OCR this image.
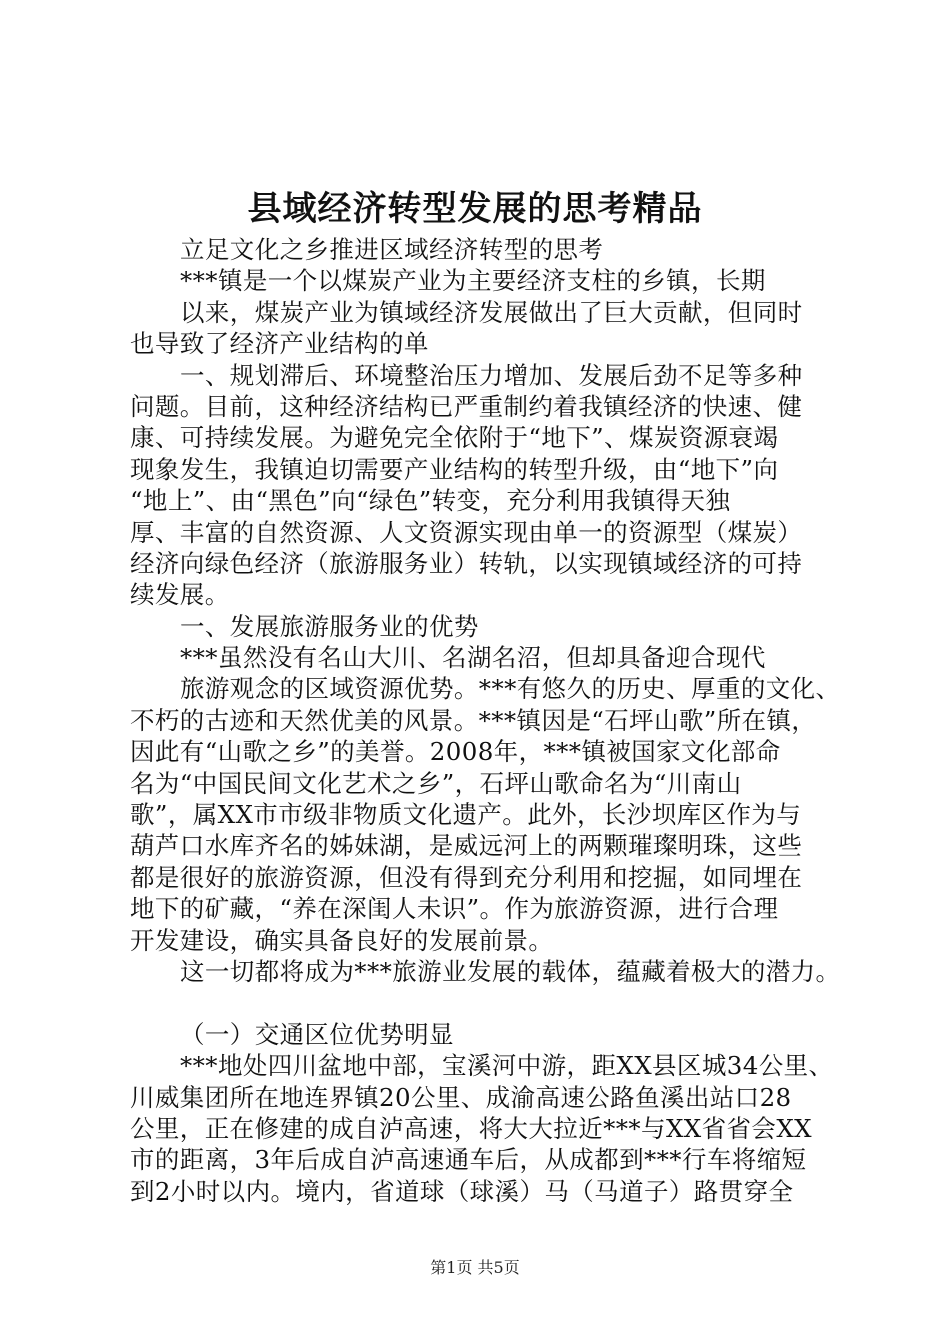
县域经济转型发展的思考精品
立足文化之乡推进区域经济转型的思考
***镇是一个以煤炭产业为主要经济支柱的乡镇，长期
以来，煤炭产业为镇域经济发展做出了巨大贡献，但同时
也导致了经济产业结构的单
一、规划滞后、环境整治压力增加、发展后劲不足等多种
问题。目前，这种经济结构已严重制约着我镇经济的快速、健
康、可持续发展。为避免完全依附于“地下”、煤炭资源衰竭
现象发生，我镇迫切需要产业结构的转型升级，由“地下”向
“地上”、由“黑色”向“绿色”转变，充分利用我镇得天独
厚、丰富的自然资源、人文资源实现由单一的资源型（煤炭）
经济向绿色经济（旅游服务业）转轨，以实现镇域经济的可持
续发展。
一、发展旅游服务业的优势
***虽然没有名山大川、名湖名沼，但却具备迎合现代
旅游观念的区域资源优势。***有悠久的历史、厚重的文化、
不朽的古迹和天然优美的风景。***镇因是“石坪山歌”所在镇，
因此有“山歌之乡”的美誉。2008年，***镇被国家文化部命
名为“中国民间文化艺术之乡”，石坪山歌命名为“川南山
歌”，属XX市市级非物质文化遗产。此外，长沙坝库区作为与
葫芦口水库齐名的姊妹湖，是威远河上的两颗璀璨明珠，这些
都是很好的旅游资源，但没有得到充分利用和挖掘，如同埋在
地下的矿藏，“养在深闺人未识”。作为旅游资源，进行合理
开发建设，确实具备良好的发展前景。
这一切都将成为***旅游业发展的载体，蕴藏着极大的潜力。
（一）交通区位优势明显
***地处四川盆地中部，宝溪河中游，距XX县区城34公里、
川威集团所在地连界镇20公里、成渝高速公路鱼溪出站口28
公里，正在修建的成自泸高速，将大大拉近***与XX省省会XX
市的距离，3年后成自泸高速通车后，从成都到***行车将缩短
到2小时以内。境内，省道球（球溪）马（马道子）路贯穿全
第1页 共5页
